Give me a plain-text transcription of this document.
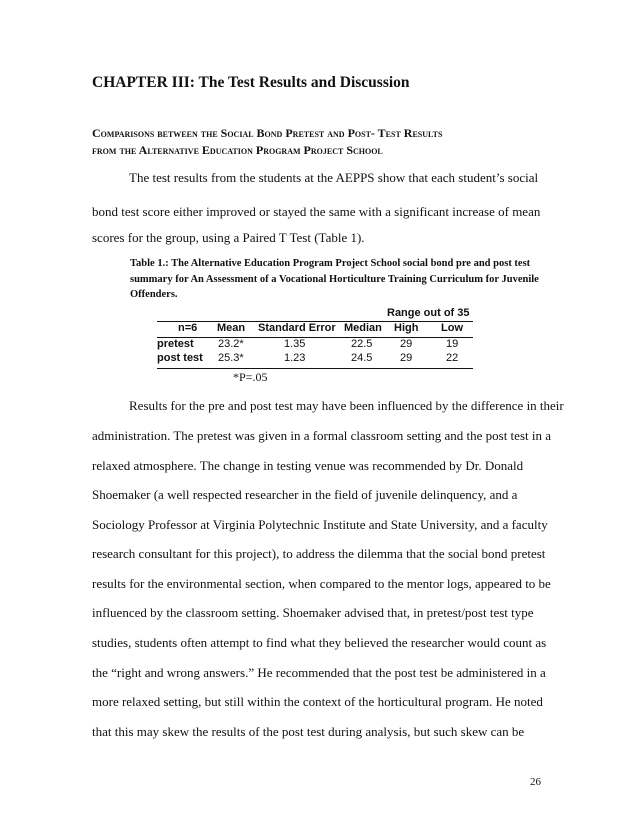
CHAPTER III: The Test Results and Discussion
Comparisons between the Social Bond Pretest and Post- Test Results
from the Alternative Education Program Project School

The test results from the students at the AEPPS show that each student’s social

bond test score either improved or stayed the same with a significant increase of mean

scores for the group, using a Paired T Test (Table 1).

Table 1.: The Alternative Education Program Project School social bond pre and post test summary for An Assessment of a Vocational Horticulture Training Curriculum for Juvenile Offenders.

Range out of 35
n=6 Mean Standard Error Median High Low
pretest 23.2*	1.35	22.5	29	19
post test 25.3*	1.23	24.5	29	22

*P=.05

Results for the pre and post test may have been influenced by the difference in their

administration. The pretest was given in a formal classroom setting and the post test in a

relaxed atmosphere. The change in testing venue was recommended by Dr. Donald

Shoemaker (a well respected researcher in the field of juvenile delinquency, and a

Sociology Professor at Virginia Polytechnic Institute and State University, and a faculty

research consultant for this project), to address the dilemma that the social bond pretest

results for the environmental section, when compared to the mentor logs, appeared to be

influenced by the classroom setting. Shoemaker advised that, in pretest/post test type

studies, students often attempt to find what they believed the researcher would count as

the “right and wrong answers.” He recommended that the post test be administered in a

more relaxed setting, but still within the context of the horticultural program. He noted

that this may skew the results of the post test during analysis, but such skew can be

26
